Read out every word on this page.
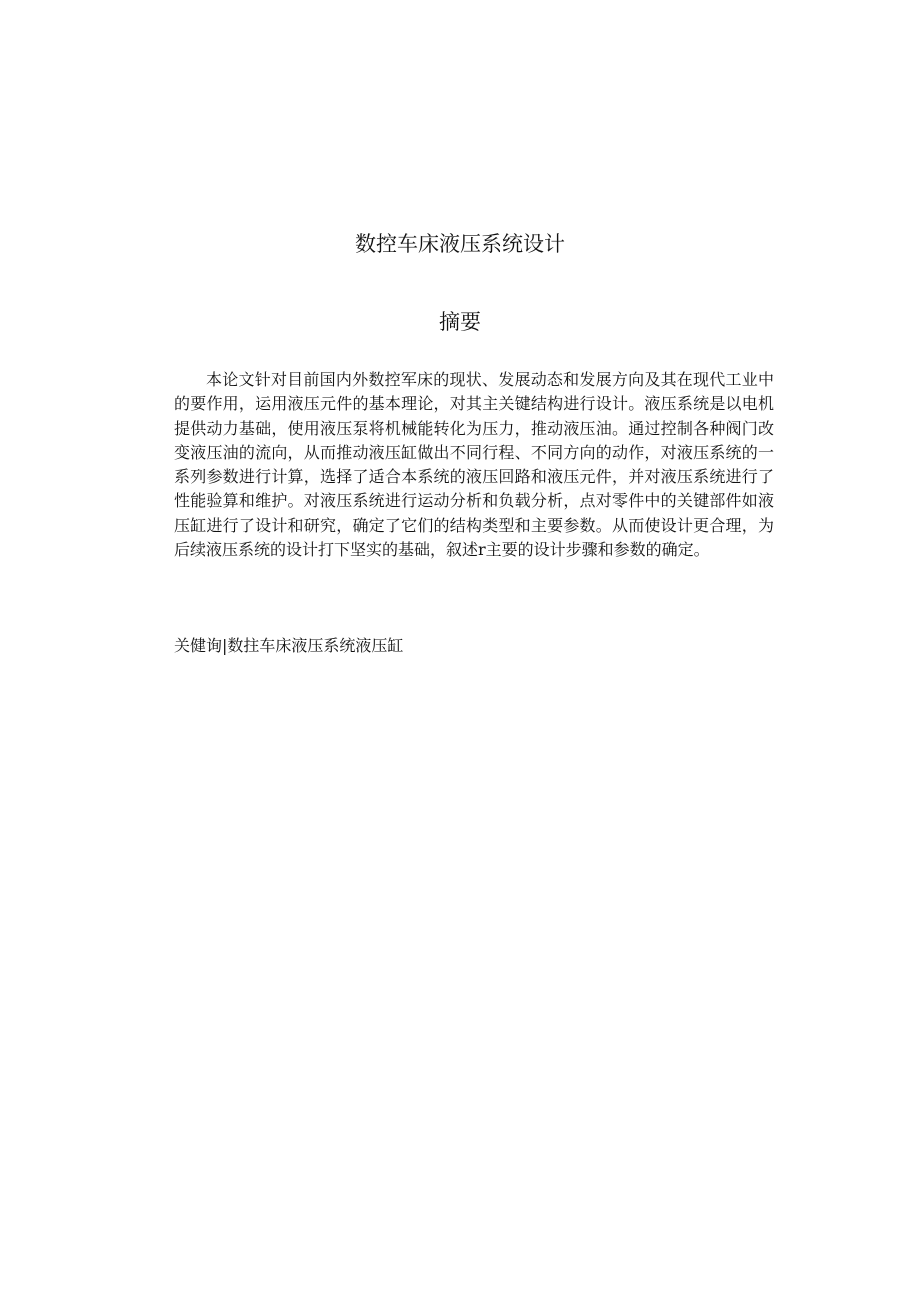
数控车床液压系统设计
摘要

本论文针对目前国内外数控军床的现状、发展动态和发展方向及其在现代工业中的要作用，运用液压元件的基本理论，对其主关键结构进行设计。液压系统是以电机提供动力基础，使用液压泵将机械能转化为压力，推动液压油。通过控制各种阀门改变液压油的流向，从而推动液压缸做出不同行程、不同方向的动作，对液压系统的一系列参数进行计算，选择了适合本系统的液压回路和液压元件，并对液压系统进行了性能验算和维护。对液压系统进行运动分析和负载分析，点对零件中的关键部件如液压缸进行了设计和研究，确定了它们的结构类型和主要参数。从而使设计更合理，为后续液压系统的设计打下坚实的基础，叙述r主要的设计步骤和参数的确定。

关健询|数拄车床液压系统液压缸
